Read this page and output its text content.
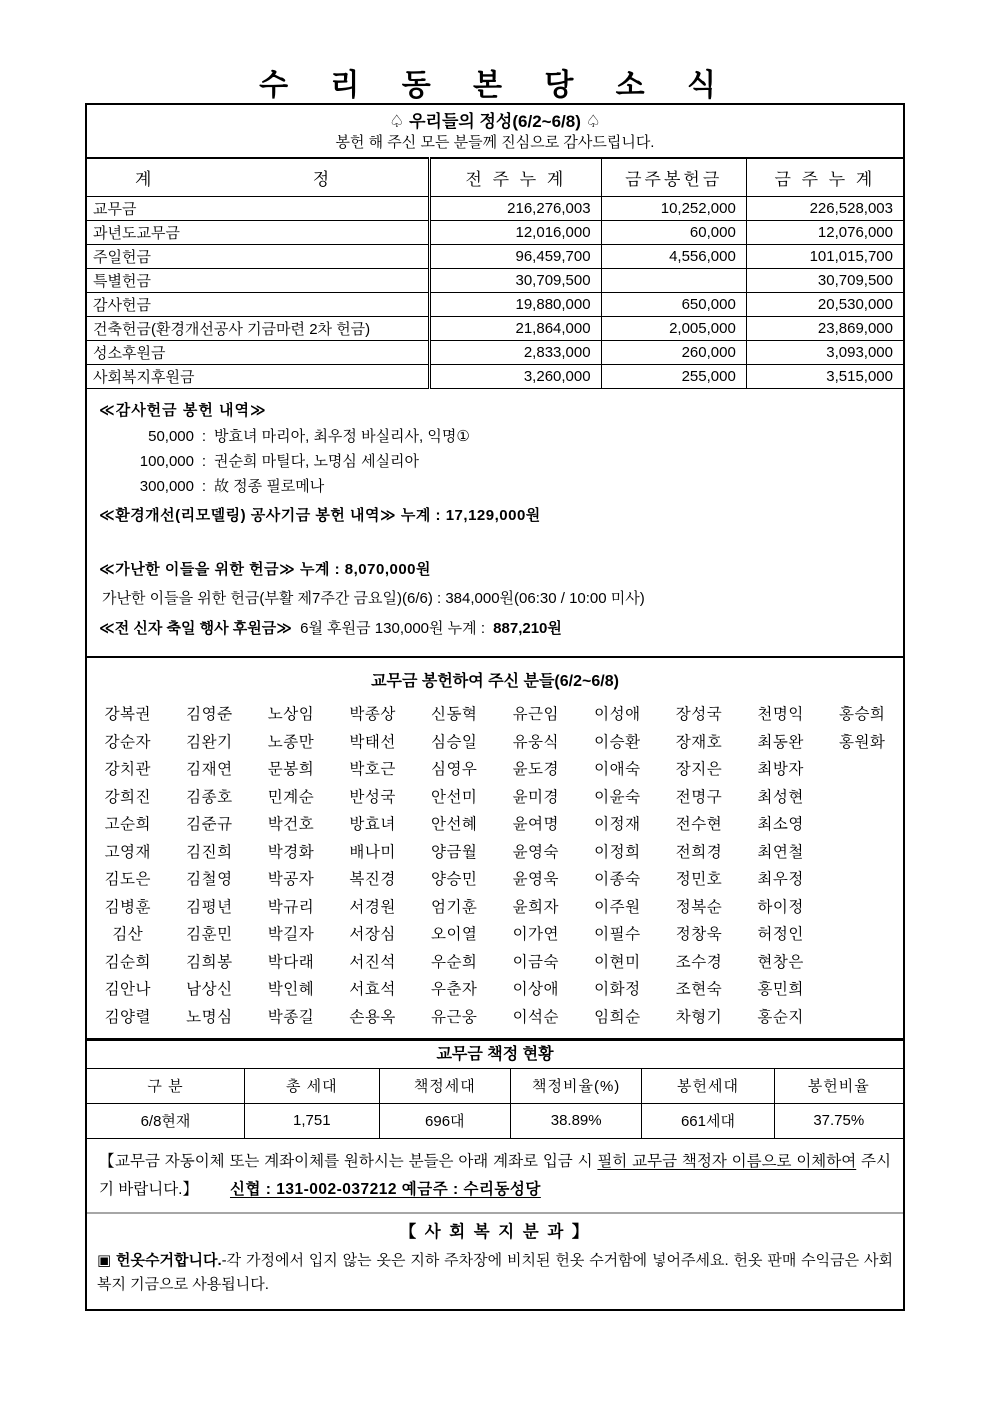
수 리 동 본 당 소 식
♤ 우리들의 정성(6/2~6/8) ♤
봉헌 해 주신 모든 분들께 진심으로 감사드립니다.
계 정	전 주 누 계	금주봉헌금	금 주 누 계
교무금	216,276,003	10,252,000	226,528,003
과년도교무금	12,016,000	60,000	12,076,000
주일헌금	96,459,700	4,556,000	101,015,700
특별헌금	30,709,500		30,709,500
감사헌금	19,880,000	650,000	20,530,000
건축헌금(환경개선공사 기금마련 2차 헌금)	21,864,000	2,005,000	23,869,000
성소후원금	2,833,000	260,000	3,093,000
사회복지후원금	3,260,000	255,000	3,515,000
≪감사헌금 봉헌 내역≫
50,000 : 방효녀 마리아, 최우정 바실리사, 익명①
100,000 : 권순희 마틸다, 노명심 세실리아
300,000 : 故 정종 필로메나
≪환경개선(리모델링) 공사기금 봉헌 내역≫ 누계 : 17,129,000원
≪가난한 이들을 위한 헌금≫ 누계 : 8,070,000원
가난한 이들을 위한 헌금(부활 제7주간 금요일)(6/6) : 384,000원(06:30 / 10:00 미사)
≪전 신자 축일 행사 후원금≫ 6월 후원금 130,000원 누계 : 887,210원
교무금 봉헌하여 주신 분들(6/2~6/8)
강복권	김영준	노상임	박종상	신동혁	유근임	이성애	장성국	천명익	홍승희
강순자	김완기	노종만	박태선	심승일	유웅식	이승환	장재호	최동완	홍원화
강치관	김재연	문봉희	박호근	심영우	윤도경	이애숙	장지은	최방자
강희진	김종호	민계순	반성국	안선미	윤미경	이윤숙	전명구	최성현
고순희	김준규	박건호	방효녀	안선혜	윤여명	이정재	전수현	최소영
고영재	김진희	박경화	배나미	양금월	윤영숙	이정희	전희경	최연철
김도은	김철영	박공자	복진경	양승민	윤영욱	이종숙	정민호	최우정
김병훈	김평년	박규리	서경원	엄기훈	윤희자	이주원	정복순	하이정
김산	김훈민	박길자	서장심	오이열	이가연	이필수	정창욱	허정인
김순희	김희봉	박다래	서진석	우순희	이금숙	이현미	조수경	현창은
김안나	남상신	박인혜	서효석	우춘자	이상애	이화정	조현숙	홍민희
김양렬	노명심	박종길	손용옥	유근웅	이석순	임희순	차형기	홍순지
교무금 책정 현황
구 분	총 세대	책정세대	책정비율(%)	봉헌세대	봉헌비율
6/8현재	1,751	696대	38.89%	661세대	37.75%
【교무금 자동이체 또는 계좌이체를 원하시는 분들은 아래 계좌로 입금 시 필히 교무금 책정자 이름으로 이체하여 주시기 바랍니다.】 신협 : 131-002-037212 예금주 : 수리동성당
【 사 회 복 지 분 과 】
▣ 헌옷수거합니다.-각 가정에서 입지 않는 옷은 지하 주차장에 비치된 헌옷 수거함에 넣어주세요. 헌옷 판매 수익금은 사회복지 기금으로 사용됩니다.
